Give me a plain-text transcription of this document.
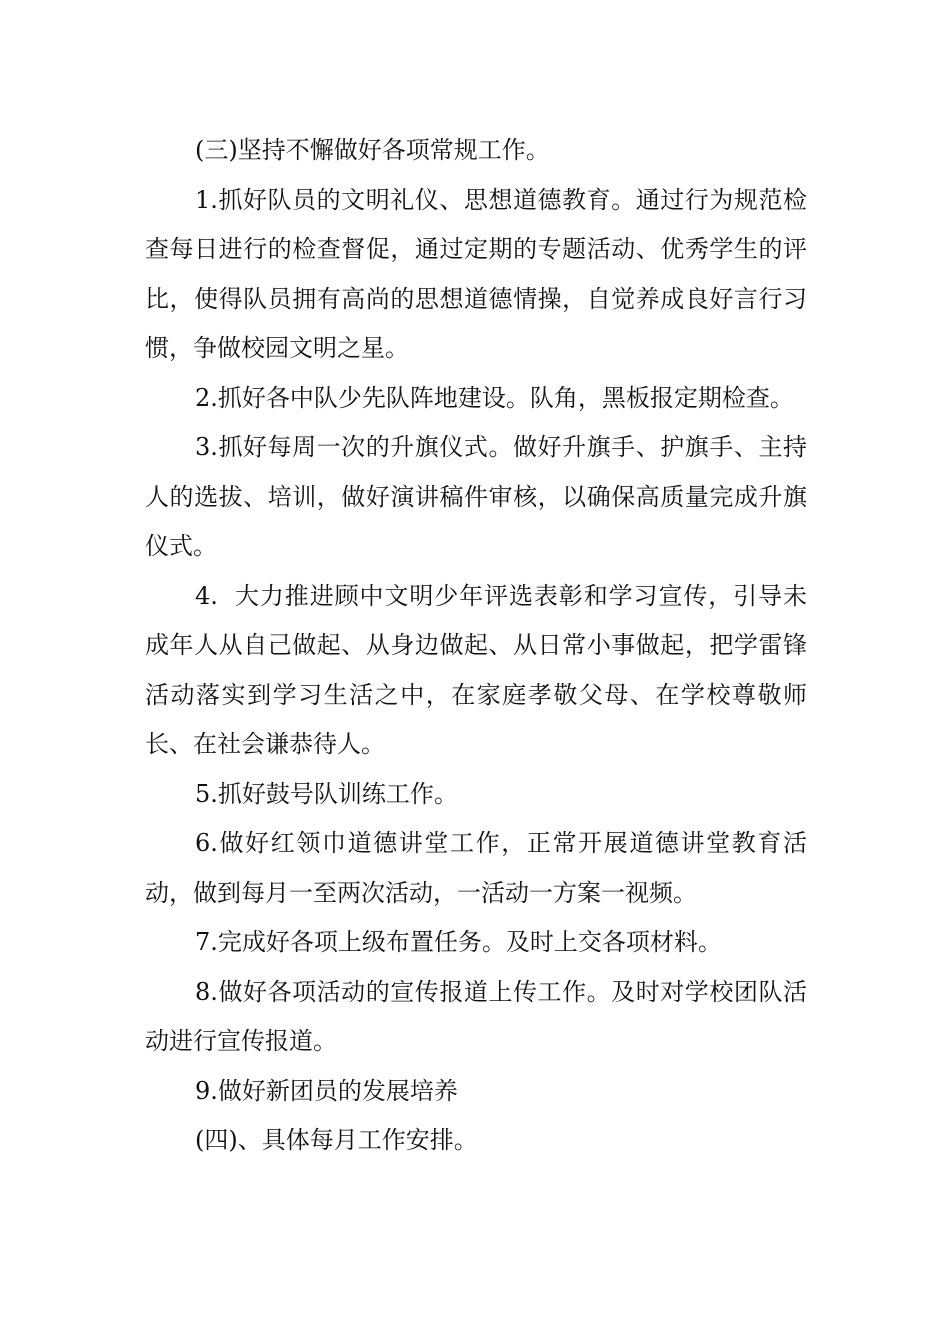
(三)坚持不懈做好各项常规工作。

1.抓好队员的文明礼仪、思想道德教育。通过行为规范检查每日进行的检查督促，通过定期的专题活动、优秀学生的评比，使得队员拥有高尚的思想道德情操，自觉养成良好言行习惯，争做校园文明之星。

2.抓好各中队少先队阵地建设。队角，黑板报定期检查。

3.抓好每周一次的升旗仪式。做好升旗手、护旗手、主持人的选拔、培训，做好演讲稿件审核，以确保高质量完成升旗仪式。

4.  大力推进顾中文明少年评选表彰和学习宣传，引导未成年人从自己做起、从身边做起、从日常小事做起，把学雷锋活动落实到学习生活之中，在家庭孝敬父母、在学校尊敬师长、在社会谦恭待人。

5.抓好鼓号队训练工作。

6.做好红领巾道德讲堂工作，正常开展道德讲堂教育活动，做到每月一至两次活动，一活动一方案一视频。

7.完成好各项上级布置任务。及时上交各项材料。

8.做好各项活动的宣传报道上传工作。及时对学校团队活动进行宣传报道。

9.做好新团员的发展培养

(四)、具体每月工作安排。
